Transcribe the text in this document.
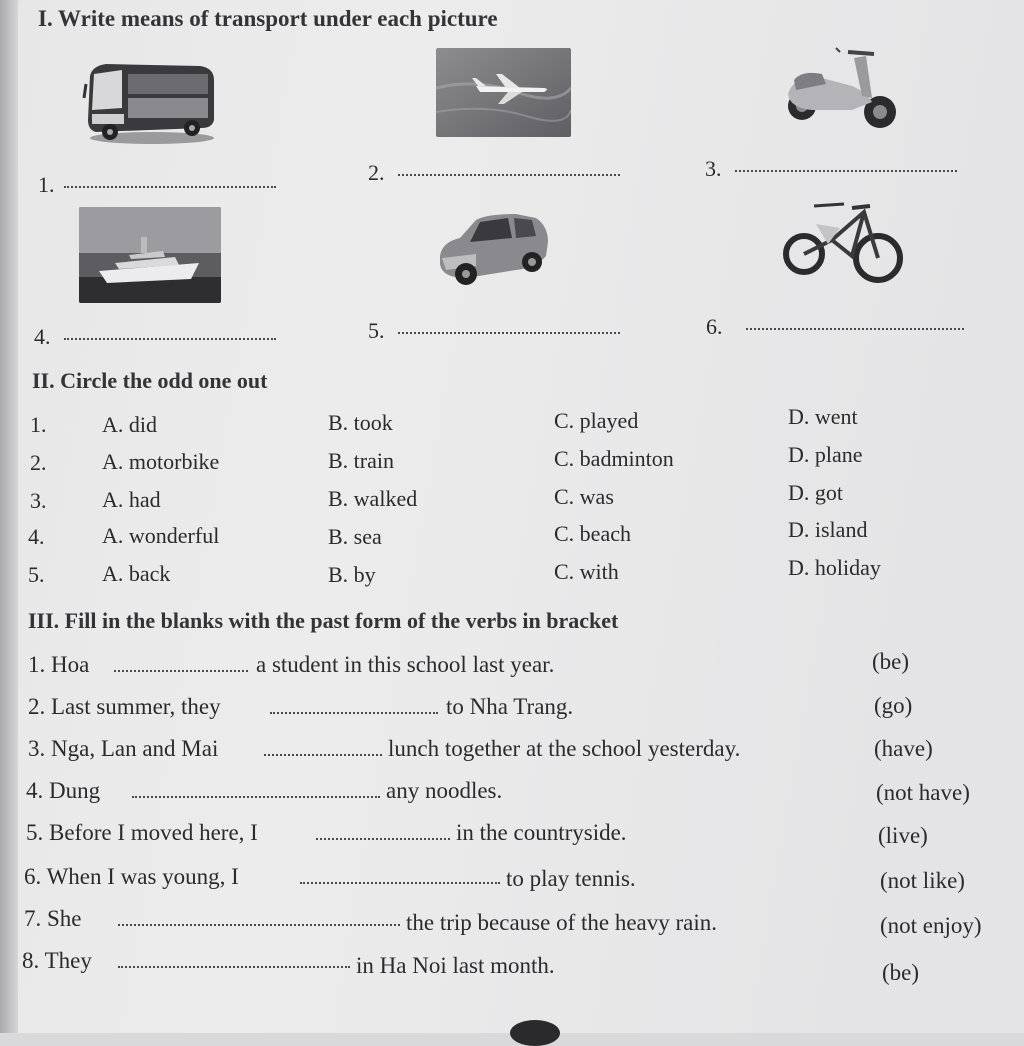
I. Write means of transport under each picture
1.	2.	3.
4.	5.	6.
II. Circle the odd one out
1.	A. did	B. took	C. played	D. went
2.	A. motorbike	B. train	C. badminton	D. plane
3.	A. had	B. walked	C. was	D. got
4.	A. wonderful	B. sea	C. beach	D. island
5.	A. back	B. by	C. with	D. holiday
III. Fill in the blanks with the past form of the verbs in bracket
1. Hoa	a student in this school last year.	(be)
2. Last summer, they	to Nha Trang.	(go)
3. Nga, Lan and Mai	lunch together at the school yesterday.	(have)
4. Dung	any noodles.	(not have)
5. Before I moved here, I	in the countryside.	(live)
6. When I was young, I	to play tennis.	(not like)
7. She	the trip because of the heavy rain.	(not enjoy)
8. They	in Ha Noi last month.	(be)
